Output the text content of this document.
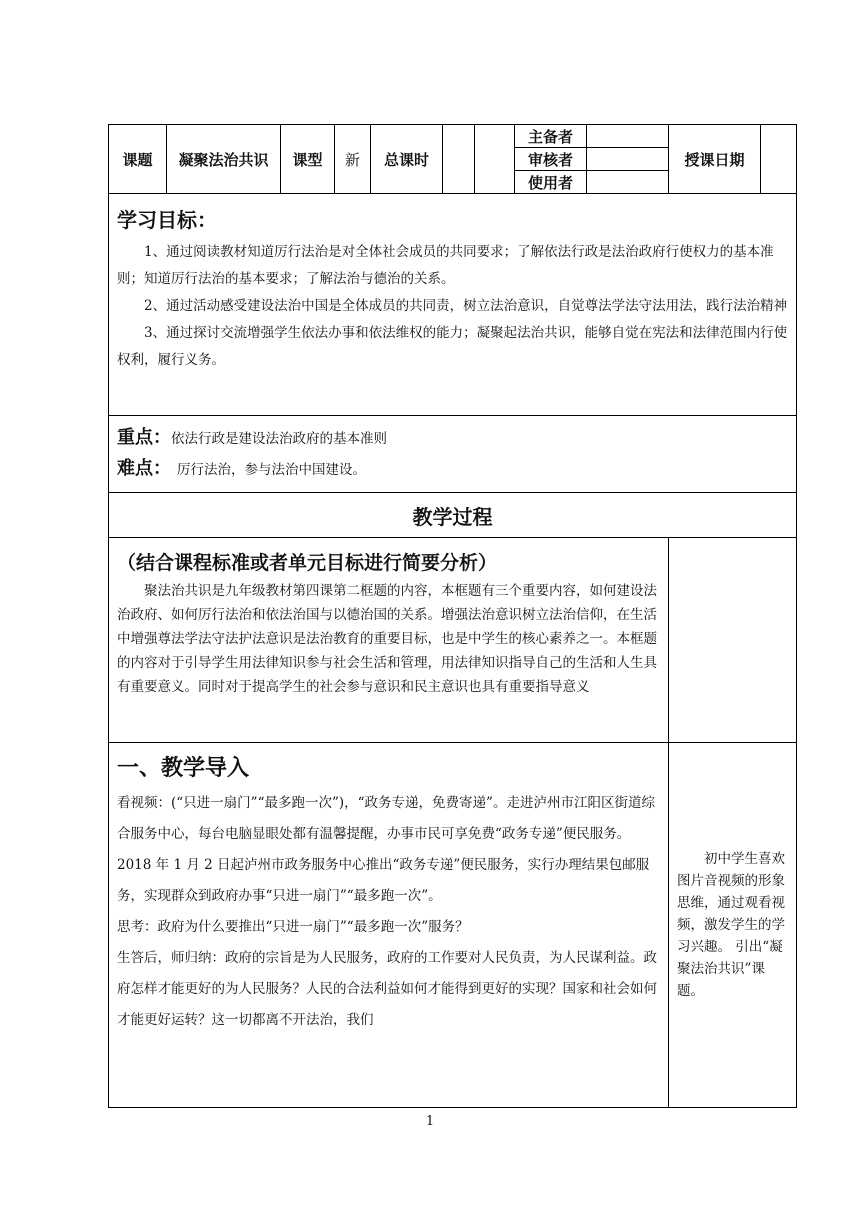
课题	凝聚法治共识	课型	新	总课时			主备者		授课日期	
							审核者			
							使用者			

学习目标：

1、通过阅读教材知道厉行法治是对全体社会成员的共同要求；了解依法行政是法治政府行使权力的基本准则；知道厉行法治的基本要求；了解法治与德治的关系。

2、通过活动感受建设法治中国是全体成员的共同责，树立法治意识，自觉尊法学法守法用法，践行法治精神

3、通过探讨交流增强学生依法办事和依法维权的能力；凝聚起法治共识，能够自觉在宪法和法律范围内行使权利，履行义务。										

重点：依法行政是建设法治政府的基本准则

难点： 厉行法治，参与法治中国建设。										

教学过程										

（结合课程标准或者单元目标进行简要分析）

聚法治共识是九年级教材第四课第二框题的内容，本框题有三个重要内容，如何建设法治政府、如何厉行法治和依法治国与以德治国的关系。增强法治意识树立法治信仰，在生活中增强尊法学法守法护法意识是法治教育的重要目标，也是中学生的核心素养之一。本框题的内容对于引导学生用法律知识参与社会生活和管理，用法律知识指导自己的生活和人生具有重要意义。同时对于提高学生的社会参与意识和民主意识也具有重要指导意义										

一、教学导入

看视频：(“只进一扇门”“最多跑一次”)，“政务专递，免费寄递”。走进泸州市江阳区街道综合服务中心，每台电脑显眼处都有温馨提醒，办事市民可享免费“政务专递”便民服务。2018 年 1 月 2 日起泸州市政务服务中心推出“政务专递”便民服务，实行办理结果包邮服务，实现群众到政府办事“只进一扇门”“最多跑一次”。

思考：政府为什么要推出“只进一扇门”“最多跑一次”服务？

生答后，师归纳：政府的宗旨是为人民服务，政府的工作要对人民负责，为人民谋利益。政府怎样才能更好的为人民服务？人民的合法利益如何才能得到更好的实现？国家和社会如何才能更好运转？这一切都离不开法治，我们									初中学生喜欢图片音视频的形象思维，通过观看视频，激发学生的学习兴趣。 引出“凝聚法治共识”课题。	
1
